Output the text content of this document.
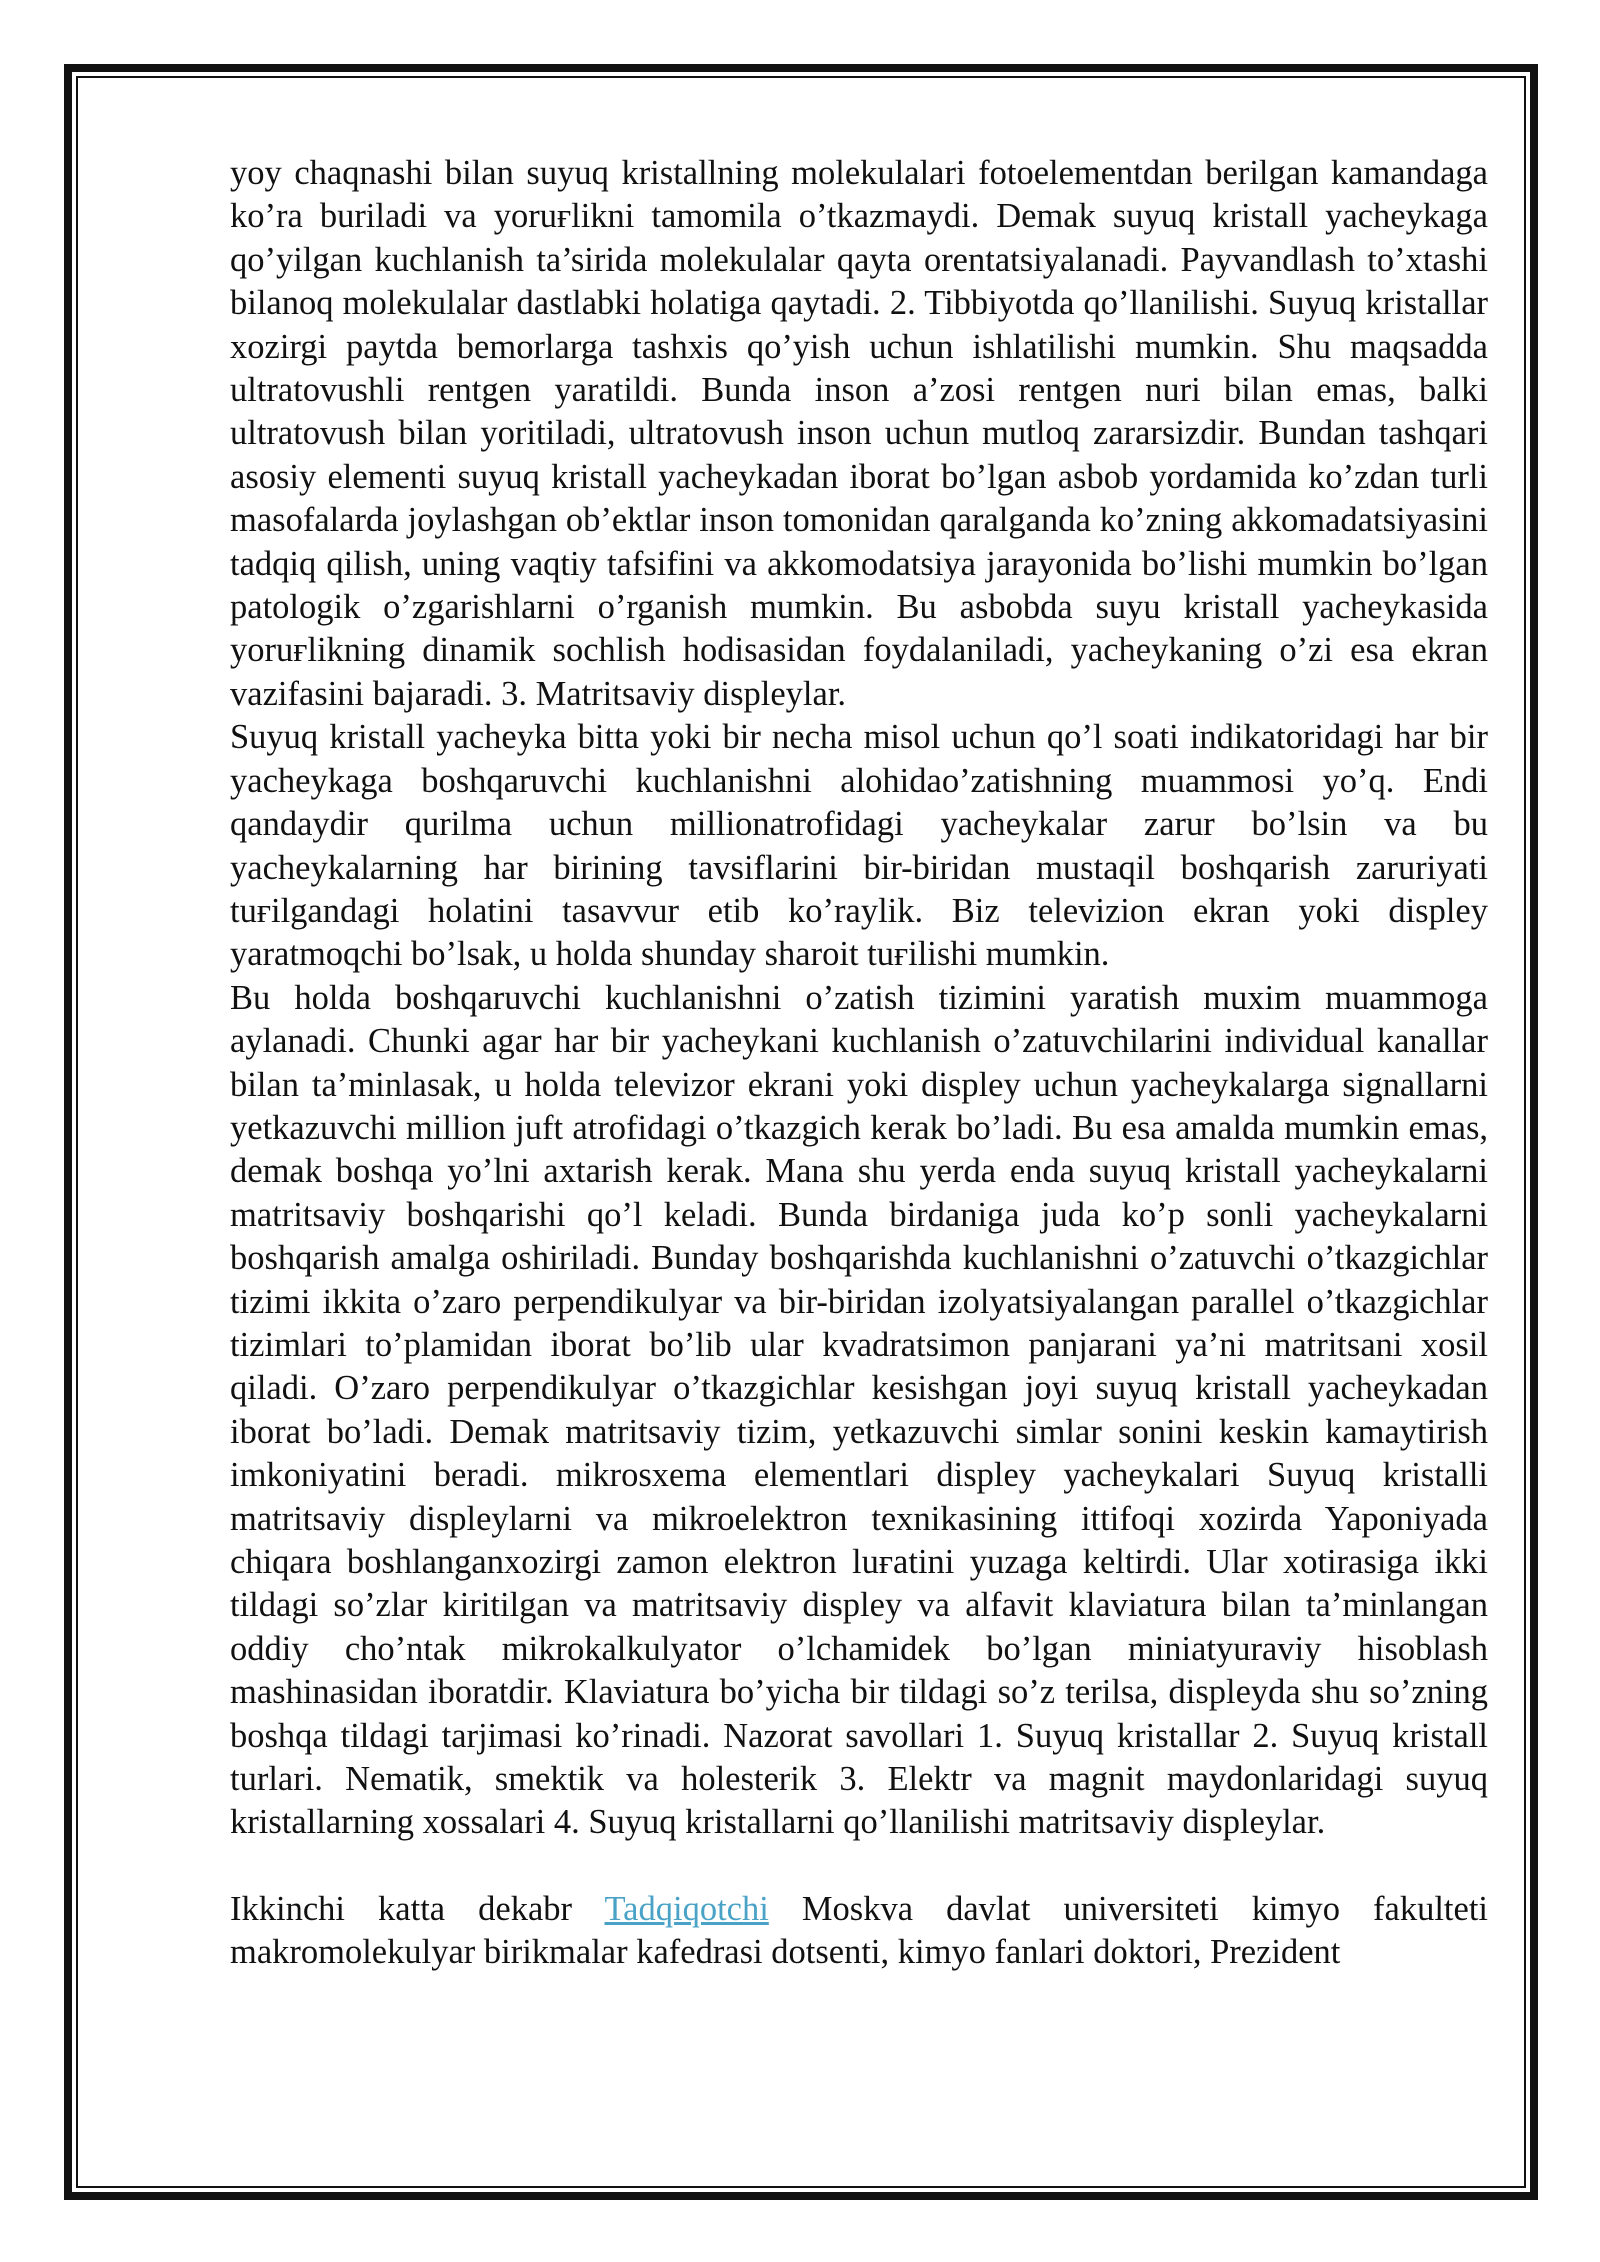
yoy chaqnashi bilan suyuq kristallning molekulalari fotoelementdan berilgan kamandaga ko’ra buriladi va yoruғlikni tamomila o’tkazmaydi. Demak suyuq kristall yacheykaga qo’yilgan kuchlanish ta’sirida molekulalar qayta orentatsiyalanadi. Payvandlash to’xtashi bilanoq molekulalar dastlabki holatiga qaytadi. 2. Tibbiyotda qo’llanilishi. Suyuq kristallar xozirgi paytda bemorlarga tashxis qo’yish uchun ishlatilishi mumkin. Shu maqsadda ultratovushli rentgen yaratildi. Bunda inson a’zosi rentgen nuri bilan emas, balki ultratovush bilan yoritiladi, ultratovush inson uchun mutloq zararsizdir. Bundan tashqari asosiy elementi suyuq kristall yacheykadan iborat bo’lgan asbob yordamida ko’zdan turli masofalarda joylashgan ob’ektlar inson tomonidan qaralganda ko’zning akkomadatsiyasini tadqiq qilish, uning vaqtiy tafsifini va akkomodatsiya jarayonida bo’lishi mumkin bo’lgan patologik o’zgarishlarni o’rganish mumkin. Bu asbobda suyu kristall yacheykasida yoruғlikning dinamik sochlish hodisasidan foydalaniladi, yacheykaning o’zi esa ekran vazifasini bajaradi. 3. Matritsaviy displeylar.

Suyuq kristall yacheyka bitta yoki bir necha misol uchun qo’l soati indikatoridagi har bir yacheykaga boshqaruvchi kuchlanishni alohidao’zatishning muammosi yo’q. Endi qandaydir qurilma uchun millionatrofidagi yacheykalar zarur bo’lsin va bu yacheykalarning har birining tavsiflarini bir-biridan mustaqil boshqarish zaruriyati tuғilgandagi holatini tasavvur etib ko’raylik. Biz televizion ekran yoki displey yaratmoqchi bo’lsak, u holda shunday sharoit tuғilishi mumkin.

Bu holda boshqaruvchi kuchlanishni o’zatish tizimini yaratish muxim muammoga aylanadi. Chunki agar har bir yacheykani kuchlanish o’zatuvchilarini individual kanallar bilan ta’minlasak, u holda televizor ekrani yoki displey uchun yacheykalarga signallarni yetkazuvchi million juft atrofidagi o’tkazgich kerak bo’ladi. Bu esa amalda mumkin emas, demak boshqa yo’lni axtarish kerak. Mana shu yerda enda suyuq kristall yacheykalarni matritsaviy boshqarishi qo’l keladi. Bunda birdaniga juda ko’p sonli yacheykalarni boshqarish amalga oshiriladi. Bunday boshqarishda kuchlanishni o’zatuvchi o’tkazgichlar tizimi ikkita o’zaro perpendikulyar va bir-biridan izolyatsiyalangan parallel o’tkazgichlar tizimlari to’plamidan iborat bo’lib ular kvadratsimon panjarani ya’ni matritsani xosil qiladi. O’zaro perpendikulyar o’tkazgichlar kesishgan joyi suyuq kristall yacheykadan iborat bo’ladi. Demak matritsaviy tizim, yetkazuvchi simlar sonini keskin kamaytirish imkoniyatini beradi. mikrosxema elementlari displey yacheykalari Suyuq kristalli matritsaviy displeylarni va mikroelektron texnikasining ittifoqi xozirda Yaponiyada chiqara boshlanganxozirgi zamon elektron luғatini yuzaga keltirdi. Ular xotirasiga ikki tildagi so’zlar kiritilgan va matritsaviy displey va alfavit klaviatura bilan ta’minlangan oddiy cho’ntak mikrokalkulyator o’lchamidek bo’lgan miniatyuraviy hisoblash mashinasidan iboratdir. Klaviatura bo’yicha bir tildagi so’z terilsa, displeyda shu so’zning boshqa tildagi tarjimasi ko’rinadi. Nazorat savollari 1. Suyuq kristallar 2. Suyuq kristall turlari. Nematik, smektik va holesterik 3. Elektr va magnit maydonlaridagi suyuq kristallarning xossalari 4. Suyuq kristallarni qo’llanilishi matritsaviy displeylar.

Ikkinchi katta dekabr Tadqiqotchi Moskva davlat universiteti kimyo fakulteti makromolekulyar birikmalar kafedrasi dotsenti, kimyo fanlari doktori, Prezident
